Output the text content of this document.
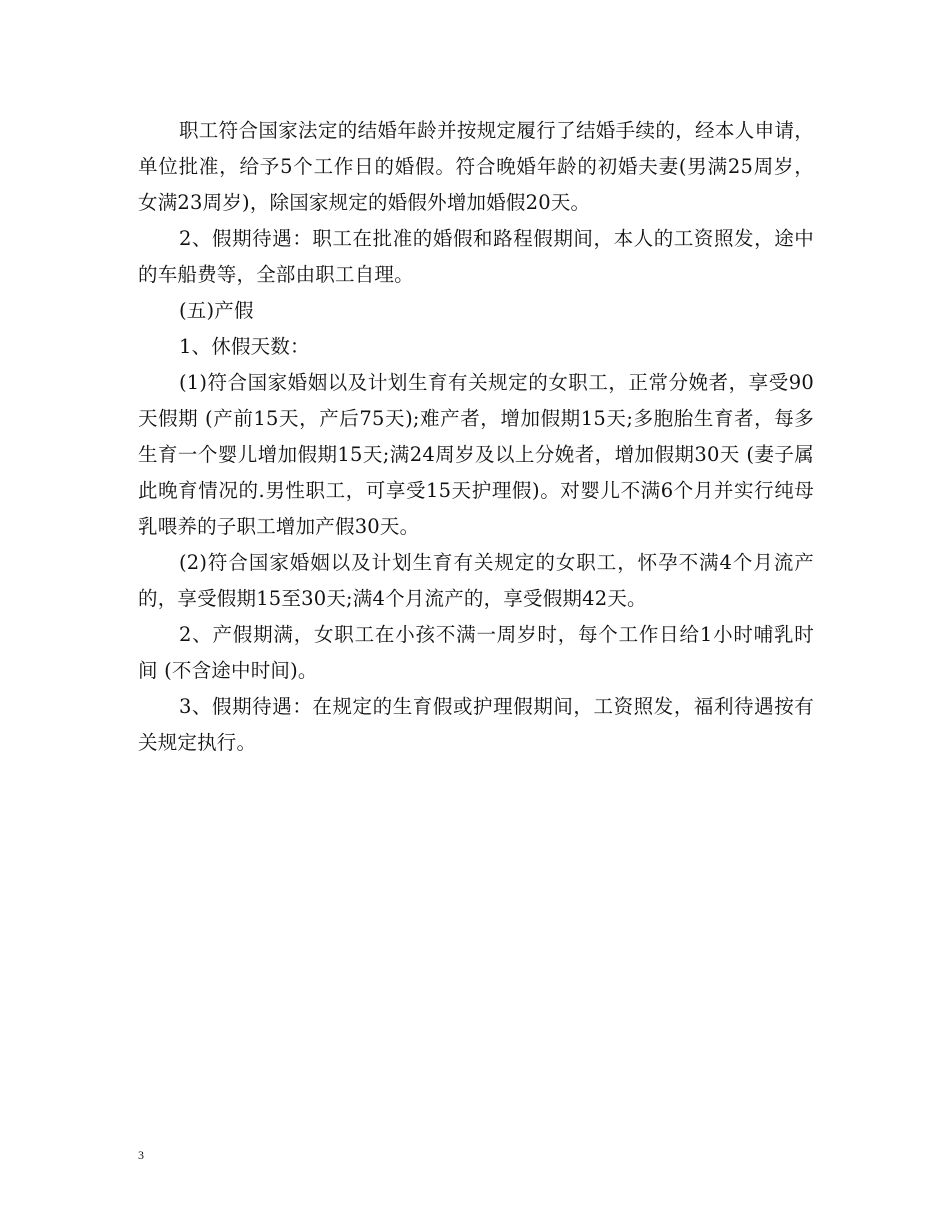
职工符合国家法定的结婚年龄并按规定履行了结婚手续的，经本人申请，单位批准，给予5个工作日的婚假。符合晚婚年龄的初婚夫妻(男满25周岁，女满23周岁)，除国家规定的婚假外增加婚假20天。

2、假期待遇：职工在批准的婚假和路程假期间，本人的工资照发，途中的车船费等，全部由职工自理。

(五)产假

1、休假天数：

(1)符合国家婚姻以及计划生育有关规定的女职工，正常分娩者，享受90天假期 (产前15天，产后75天);难产者，增加假期15天;多胞胎生育者，每多生育一个婴儿增加假期15天;满24周岁及以上分娩者，增加假期30天 (妻子属此晚育情况的.男性职工，可享受15天护理假)。对婴儿不满6个月并实行纯母乳喂养的子职工增加产假30天。

(2)符合国家婚姻以及计划生育有关规定的女职工，怀孕不满4个月流产的，享受假期15至30天;满4个月流产的，享受假期42天。

2、产假期满，女职工在小孩不满一周岁时，每个工作日给1小时哺乳时间 (不含途中时间)。

3、假期待遇：在规定的生育假或护理假期间，工资照发，福利待遇按有关规定执行。

3
